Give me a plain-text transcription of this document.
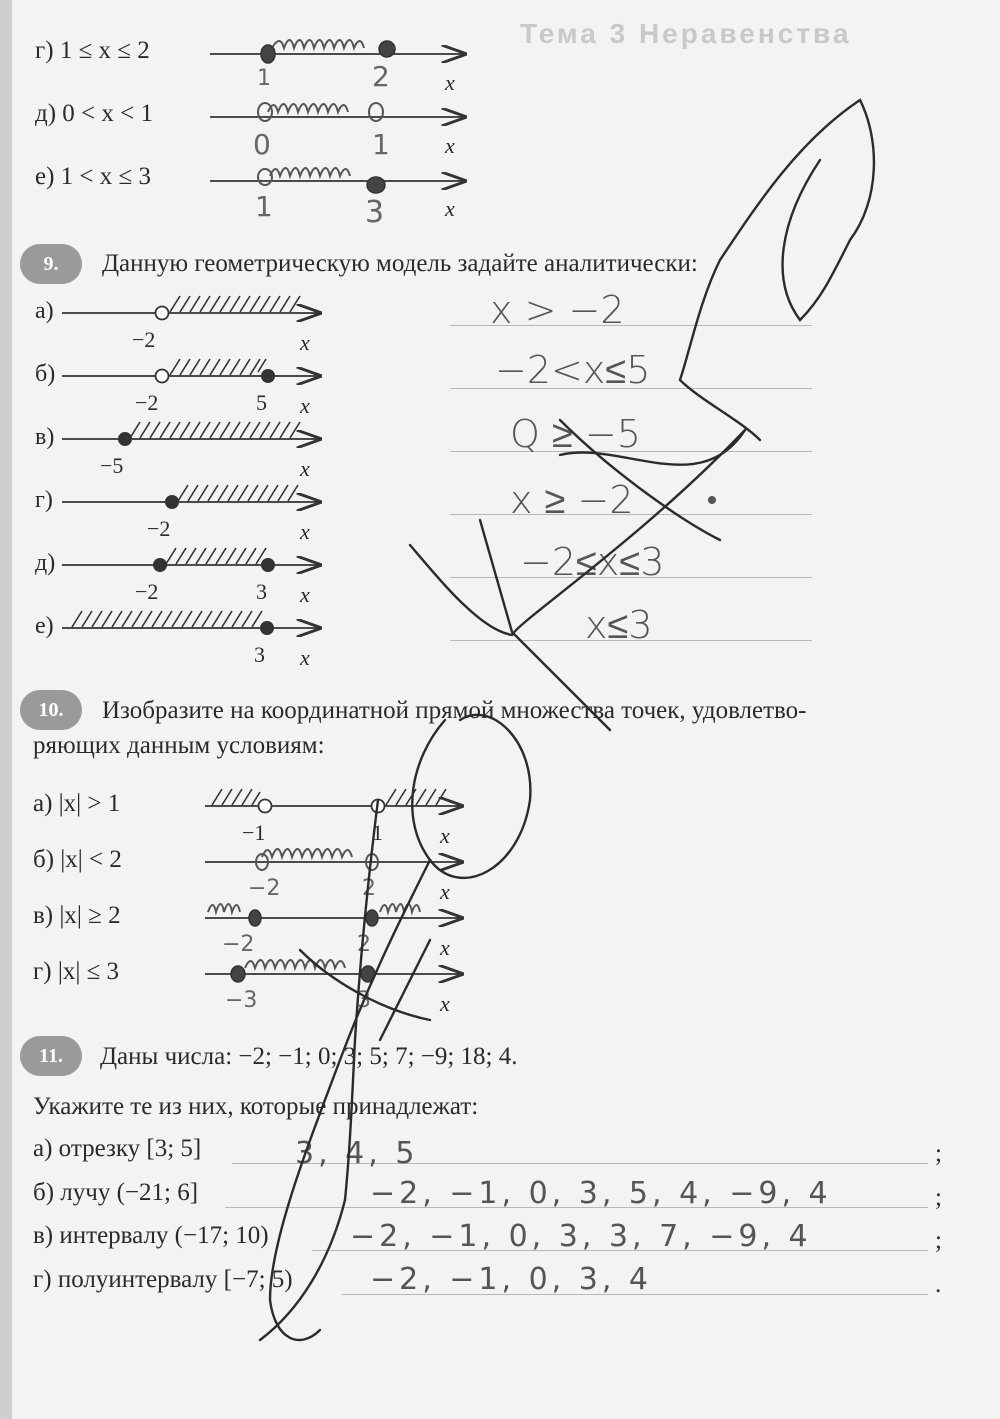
Тема 3 Неравенства
г) 1 ≤ x ≤ 2
д) 0 < x < 1
е) 1 < x ≤ 3
1	2	x
0	1	x
1	3	x
9.	Данную геометрическую модель задайте аналитически:
а)
б)
в)
г)
д)
е)
−2	x
−2	5 x
−5	x
−2	x
−2	3 x
3 x
x > −2
−2<x≤5
Q ≥ −5
x ≥ −2
−2≤x≤3
x≤3
10.	Изобразите на координатной прямой множества точек, удовлетво-
ряющих данным условиям:
а) |x| > 1
б) |x| < 2
в) |x| ≥ 2
г) |x| ≤ 3
−1	1	x
−2	2	x
−2	2	x
−3	3	x
11.	Даны числа: −2; −1; 0; 3; 5; 7; −9; 18; 4.
Укажите те из них, которые принадлежат:
а) отрезку [3; 5]
б) лучу (−21; 6]
в) интервалу (−17; 10)
г) полуинтервалу [−7; 5)
;
;
;
.
3, 4, 5
−2, −1, 0, 3, 5, 4, −9, 4
−2, −1, 0, 3, 3, 7, −9, 4
−2, −1, 0, 3, 4
